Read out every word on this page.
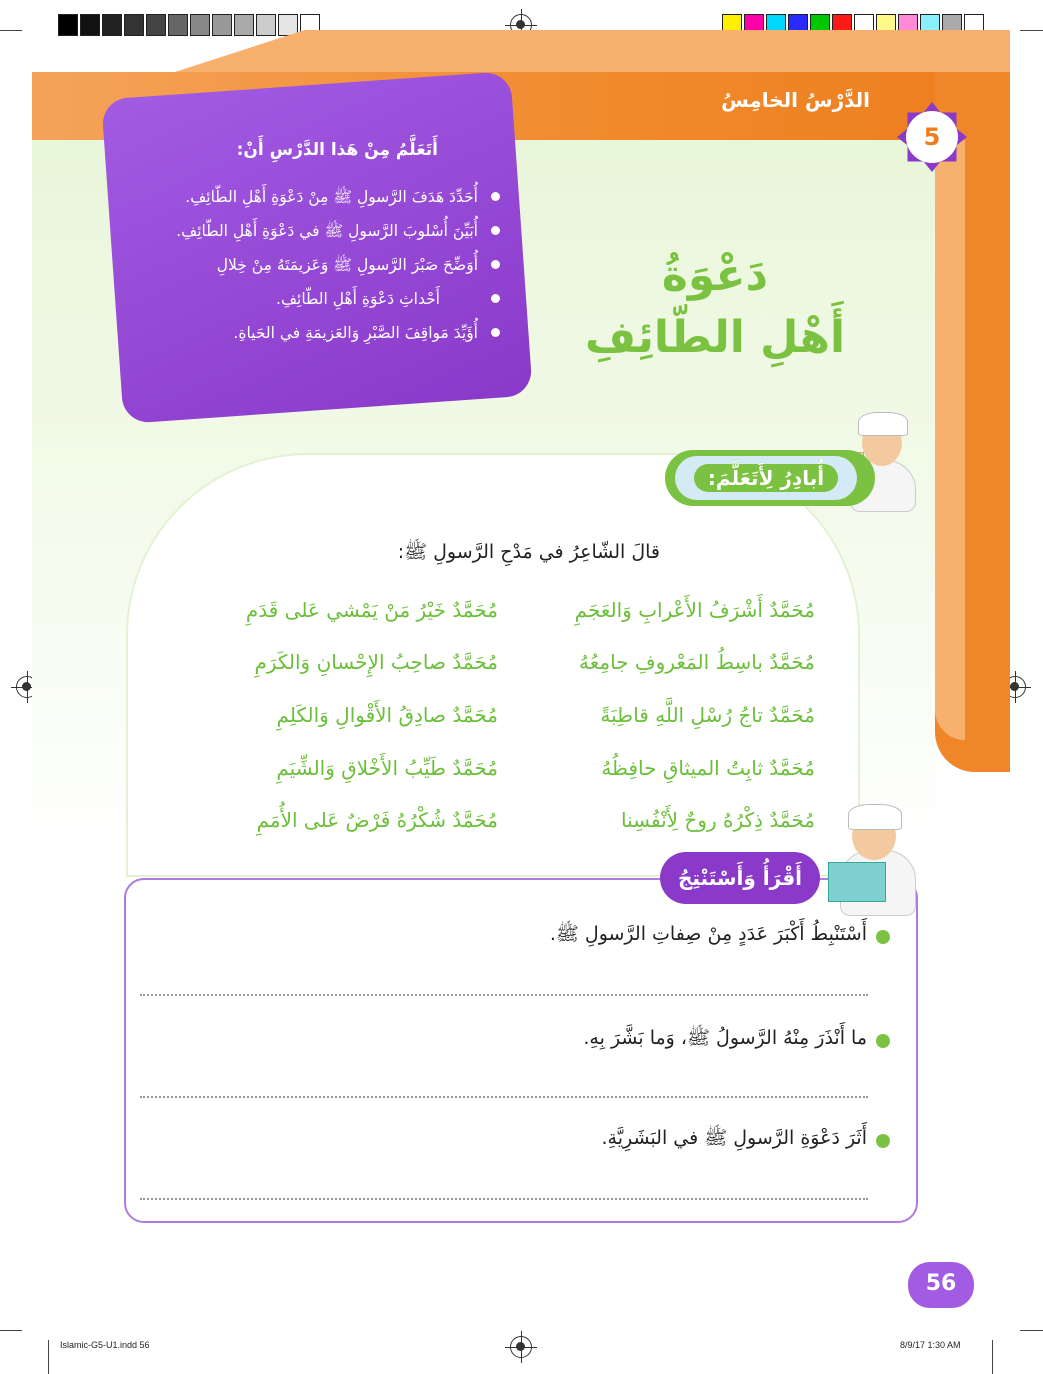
الدَّرْسُ الخامِسُ
5
أَتَعَلَّمُ مِنْ هَذا الدَّرْسِ أَنْ:
أُحَدِّدَ هَدَفَ الرَّسولِ ﷺ مِنْ دَعْوَةِ أَهْلِ الطّائِفِ.
أُبَيِّنَ أُسْلوبَ الرَّسولِ ﷺ في دَعْوَةِ أَهْلِ الطّائِفِ.
أُوَضِّحَ صَبْرَ الرَّسولِ ﷺ وَعَزيمَتَهُ مِنْ خِلالِ
أَحْداثِ دَعْوَةِ أَهْلِ الطّائِفِ.
أُؤَيِّدَ مَواقِفَ الصَّبْرِ وَالعَزيمَةِ في الحَياةِ.
دَعْوَةُ
أَهْلِ الطّائِفِ
أُبادِرُ لِأَتَعَلَّمَ:
قالَ الشّاعِرُ في مَدْحِ الرَّسولِ ﷺ:
مُحَمَّدٌ أَشْرَفُ الأَعْرابِ وَالعَجَمِ
مُحَمَّدٌ باسِطُ المَعْروفِ جامِعُهُ
مُحَمَّدٌ تاجُ رُسْلِ اللَّهِ قاطِبَةً
مُحَمَّدٌ ثابِتُ الميثاقِ حافِظُهُ
مُحَمَّدٌ ذِكْرُهُ روحٌ لِأَنْفُسِنا
مُحَمَّدٌ خَيْرُ مَنْ يَمْشي عَلى قَدَمِ
مُحَمَّدٌ صاحِبُ الإِحْسانِ وَالكَرَمِ
مُحَمَّدٌ صادِقُ الأَقْوالِ وَالكَلِمِ
مُحَمَّدٌ طَيِّبُ الأَخْلاقِ وَالشِّيَمِ
مُحَمَّدٌ شُكْرُهُ فَرْضٌ عَلى الأُمَمِ
أَقْرَأُ وَأَسْتَنْتِجُ
أَسْتَنْبِطُ أَكْبَرَ عَدَدٍ مِنْ صِفاتِ الرَّسولِ ﷺ.
ما أَنْذَرَ مِنْهُ الرَّسولُ ﷺ، وَما بَشَّرَ بِهِ.
أَثَرَ دَعْوَةِ الرَّسولِ ﷺ في البَشَرِيَّةِ.
56
Islamic-G5-U1.indd 56	8/9/17 1:30 AM
